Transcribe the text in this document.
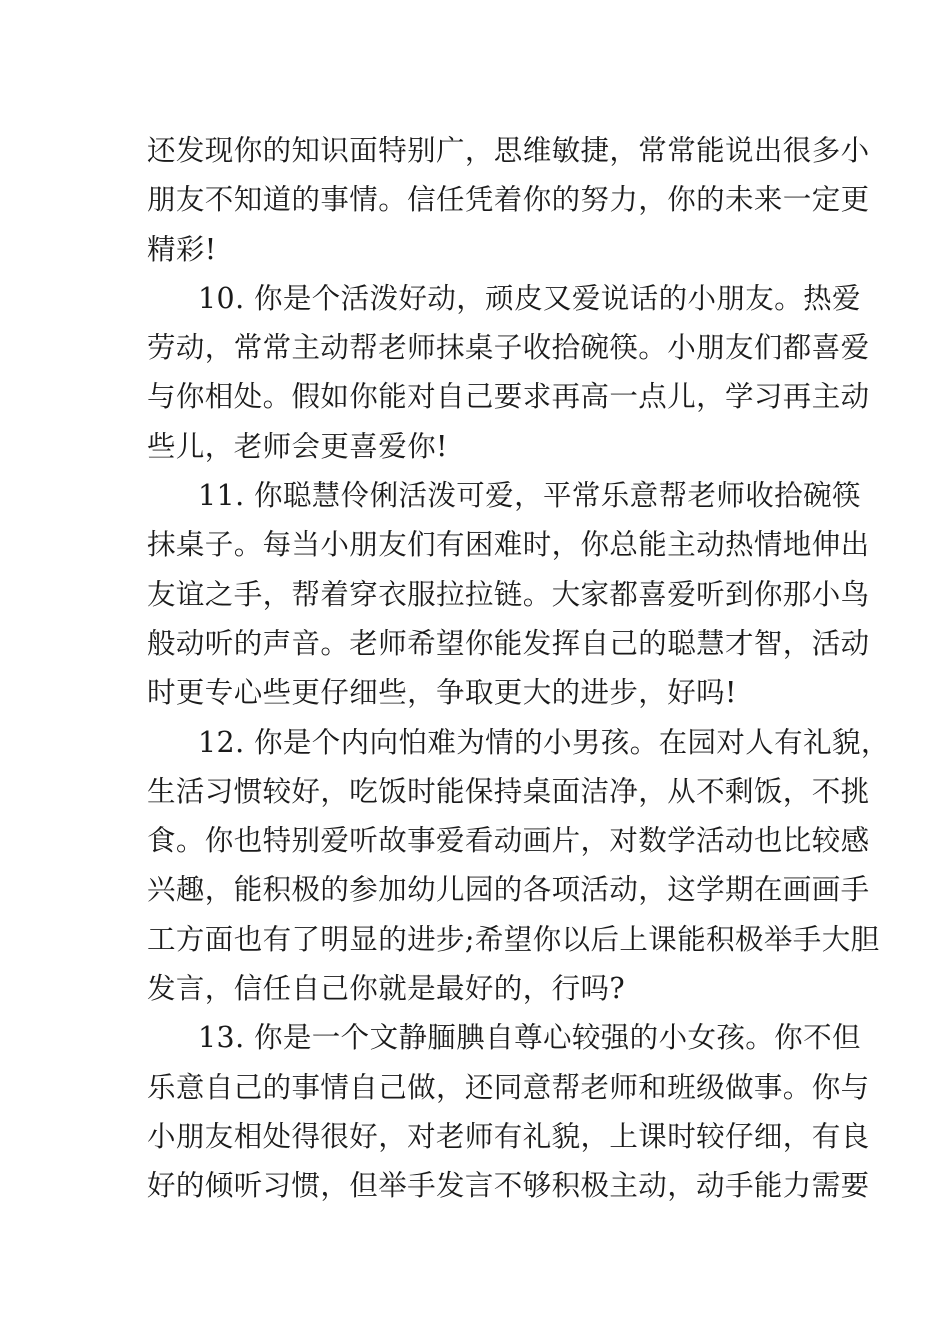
还发现你的知识面特别广，思维敏捷，常常能说出很多小
朋友不知道的事情。信任凭着你的努力，你的未来一定更
精彩!
10. 你是个活泼好动，顽皮又爱说话的小朋友。热爱
劳动，常常主动帮老师抹桌子收拾碗筷。小朋友们都喜爱
与你相处。假如你能对自己要求再高一点儿，学习再主动
些儿，老师会更喜爱你!
11. 你聪慧伶俐活泼可爱，平常乐意帮老师收拾碗筷
抹桌子。每当小朋友们有困难时，你总能主动热情地伸出
友谊之手，帮着穿衣服拉拉链。大家都喜爱听到你那小鸟
般动听的声音。老师希望你能发挥自己的聪慧才智，活动
时更专心些更仔细些，争取更大的进步，好吗!
12. 你是个内向怕难为情的小男孩。在园对人有礼貌，
生活习惯较好，吃饭时能保持桌面洁净，从不剩饭，不挑
食。你也特别爱听故事爱看动画片，对数学活动也比较感
兴趣，能积极的参加幼儿园的各项活动，这学期在画画手
工方面也有了明显的进步;希望你以后上课能积极举手大胆
发言，信任自己你就是最好的，行吗?
13. 你是一个文静腼腆自尊心较强的小女孩。你不但
乐意自己的事情自己做，还同意帮老师和班级做事。你与
小朋友相处得很好，对老师有礼貌，上课时较仔细，有良
好的倾听习惯，但举手发言不够积极主动，动手能力需要
